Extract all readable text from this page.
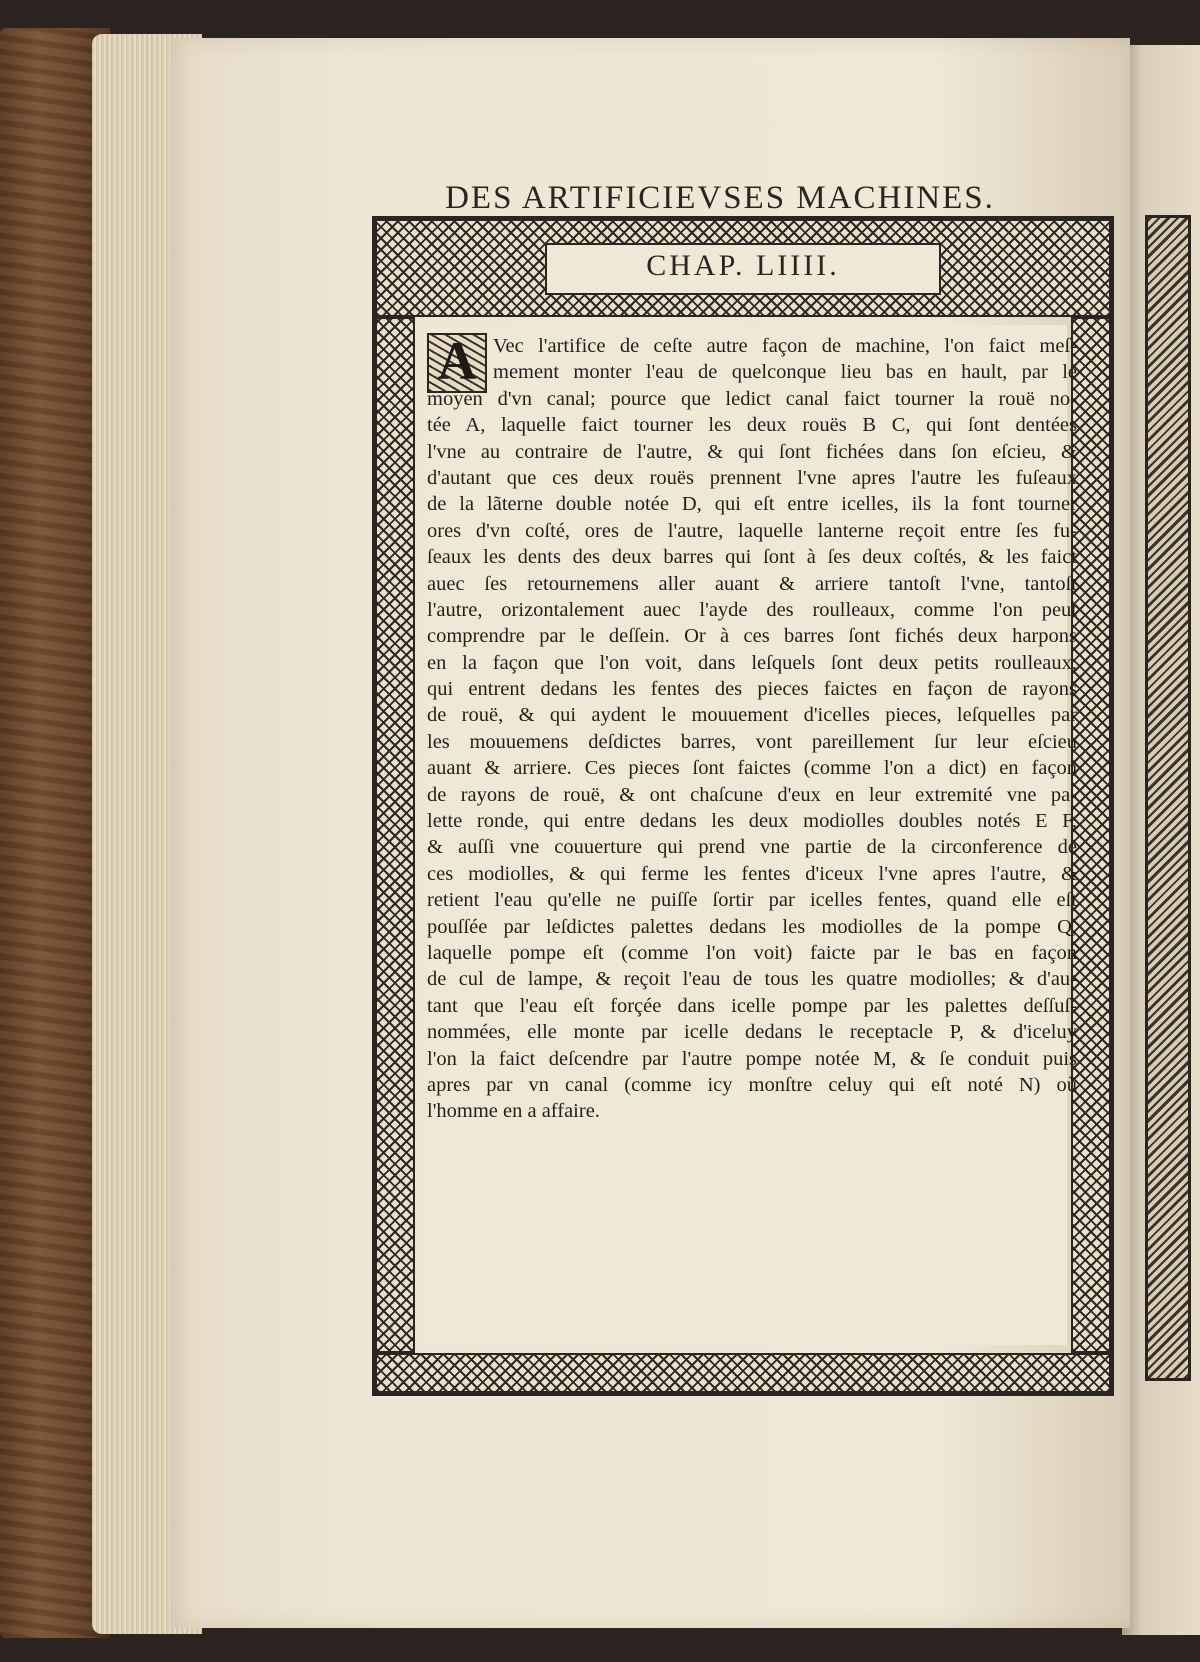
DES ARTIFICIEVSES MACHINES.
CHAP. LIIII.
A Vec l'artifice de ceſte autre façon de machine, l'on faict meſ-
mement monter l'eau de quelconque lieu bas en hault, par le
moyen d'vn canal; pource que ledict canal faict tourner la rouë no-
tée A, laquelle faict tourner les deux rouës B C, qui ſont dentées
l'vne au contraire de l'autre, & qui ſont fichées dans ſon eſcieu, &
d'autant que ces deux rouës prennent l'vne apres l'autre les fuſeaux
de la lãterne double notée D, qui eſt entre icelles, ils la font tourner
ores d'vn coſté, ores de l'autre, laquelle lanterne reçoit entre ſes fu-
ſeaux les dents des deux barres qui ſont à ſes deux coſtés, & les faict
auec ſes retournemens aller auant & arriere tantoſt l'vne, tantoſt
l'autre, orizontalement auec l'ayde des roulleaux, comme l'on peut
comprendre par le deſſein. Or à ces barres ſont fichés deux harpons
en la façon que l'on voit, dans leſquels ſont deux petits roulleaux,
qui entrent dedans les fentes des pieces faictes en façon de rayons
de rouë, & qui aydent le mouuement d'icelles pieces, leſquelles par
les mouuemens deſdictes barres, vont pareillement ſur leur eſcieu
auant & arriere. Ces pieces ſont faictes (comme l'on a dict) en façon
de rayons de rouë, & ont chaſcune d'eux en leur extremité vne pa-
lette ronde, qui entre dedans les deux modiolles doubles notés E F,
& auſſi vne couuerture qui prend vne partie de la circonference de
ces modiolles, & qui ferme les fentes d'iceux l'vne apres l'autre, &
retient l'eau qu'elle ne puiſſe ſortir par icelles fentes, quand elle eſt
pouſſée par leſdictes palettes dedans les modiolles de la pompe Q,
laquelle pompe eſt (comme l'on voit) faicte par le bas en façon
de cul de lampe, & reçoit l'eau de tous les quatre modiolles; & d'au-
tant que l'eau eſt forçée dans icelle pompe par les palettes deſſuſ-
nommées, elle monte par icelle dedans le receptacle P, & d'iceluy
l'on la faict deſcendre par l'autre pompe notée M, & ſe conduit puis
apres par vn canal (comme icy monſtre celuy qui eſt noté N) où
l'homme en a affaire.
